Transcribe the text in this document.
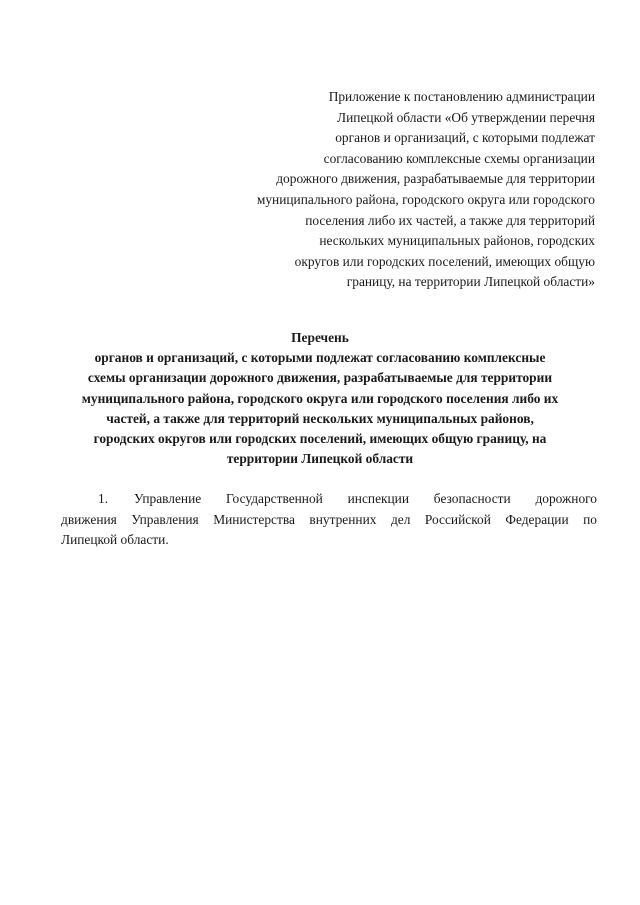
Приложение к постановлению администрации
Липецкой области «Об утверждении перечня
органов и организаций, с которыми подлежат
согласованию комплексные схемы организации
дорожного движения, разрабатываемые для территории
муниципального района, городского округа или городского
поселения либо их частей, а также для территорий
нескольких муниципальных районов, городских
округов или городских поселений, имеющих общую
границу, на территории Липецкой области»

Перечень
органов и организаций, с которыми подлежат согласованию комплексные
схемы организации дорожного движения, разрабатываемые для территории
муниципального района, городского округа или городского поселения либо их
частей, а также для территорий нескольких муниципальных районов,
городских округов или городских поселений, имеющих общую границу, на
территории Липецкой области
1. Управление Государственной инспекции безопасности дорожного
движения Управления Министерства внутренних дел Российской Федерации по
Липецкой области.
